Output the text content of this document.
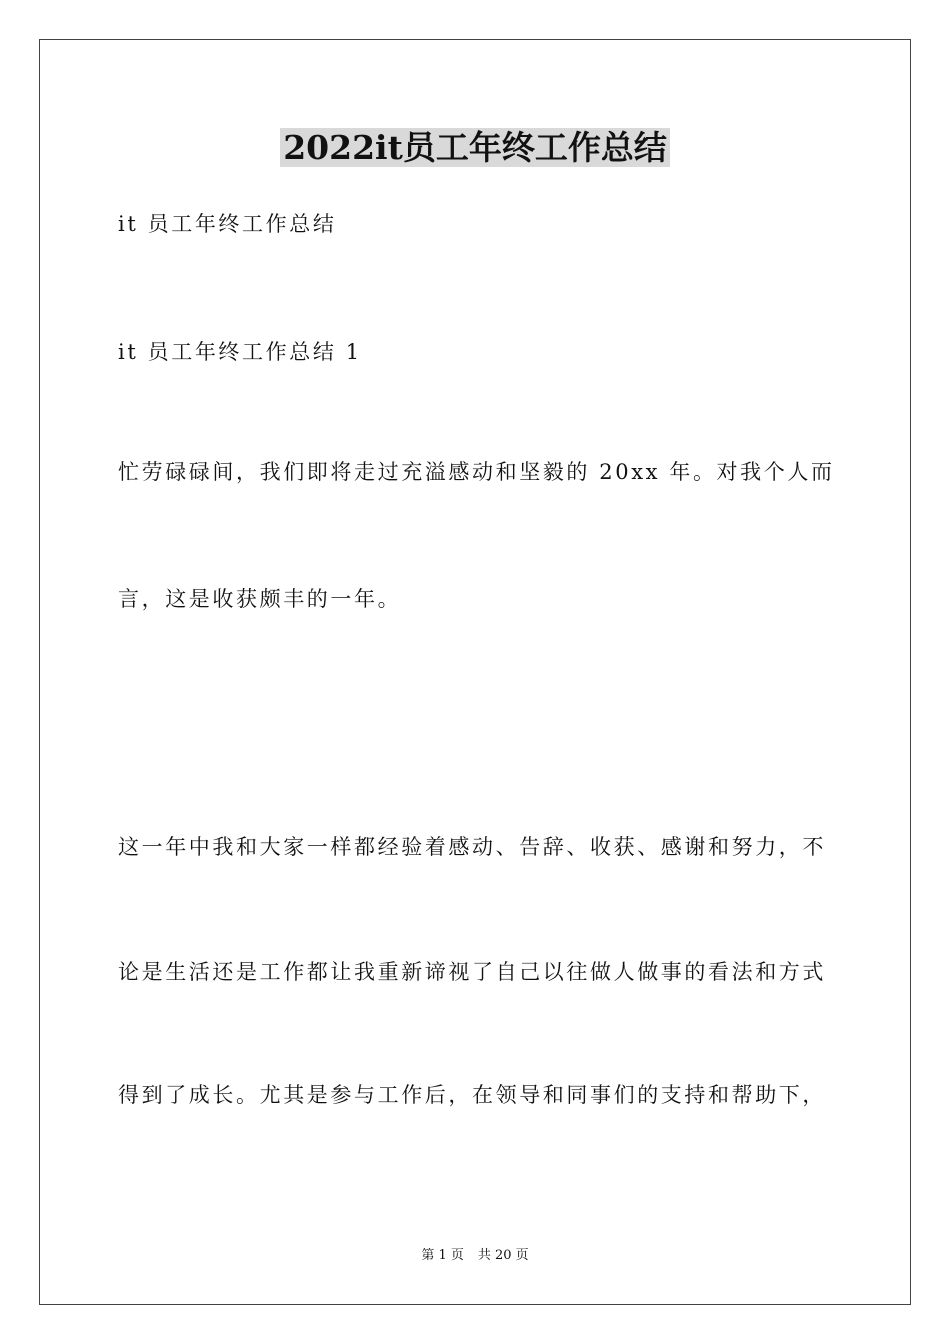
2022it员工年终工作总结

it 员工年终工作总结

it 员工年终工作总结 1

忙劳碌碌间，我们即将走过充溢感动和坚毅的 20xx 年。对我个人而

言，这是收获颇丰的一年。

这一年中我和大家一样都经验着感动、告辞、收获、感谢和努力，不

论是生活还是工作都让我重新谛视了自己以往做人做事的看法和方式

得到了成长。尤其是参与工作后，在领导和同事们的支持和帮助下，

第 1 页 共 20 页
